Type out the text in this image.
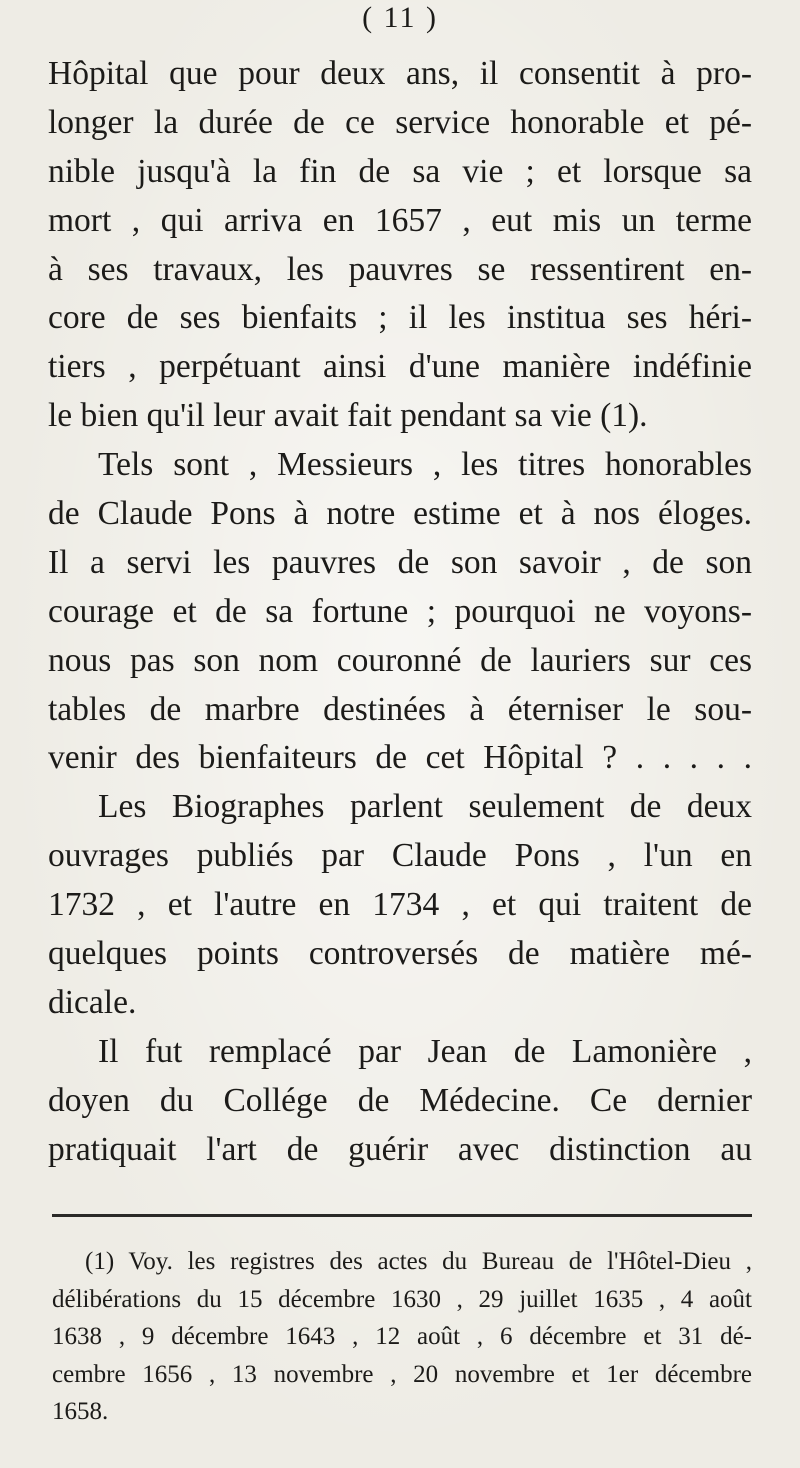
( 11 )
Hôpital que pour deux ans, il consentit à pro-
longer la durée de ce service honorable et pé-
nible jusqu'à la fin de sa vie ; et lorsque sa
mort , qui arriva en 1657 , eut mis un terme
à ses travaux, les pauvres se ressentirent en-
core de ses bienfaits ; il les institua ses héri-
tiers , perpétuant ainsi d'une manière indéfinie
le bien qu'il leur avait fait pendant sa vie (1).
Tels sont , Messieurs , les titres honorables
de Claude Pons à notre estime et à nos éloges.
Il a servi les pauvres de son savoir , de son
courage et de sa fortune ; pourquoi ne voyons-
nous pas son nom couronné de lauriers sur ces
tables de marbre destinées à éterniser le sou-
venir des bienfaiteurs de cet Hôpital ? . . . . .
Les Biographes parlent seulement de deux
ouvrages publiés par Claude Pons , l'un en
1732 , et l'autre en 1734 , et qui traitent de
quelques points controversés de matière mé-
dicale.
Il fut remplacé par Jean de Lamonière ,
doyen du Collége de Médecine. Ce dernier
pratiquait l'art de guérir avec distinction au
(1) Voy. les registres des actes du Bureau de l'Hôtel-Dieu ,
délibérations du 15 décembre 1630 , 29 juillet 1635 , 4 août
1638 , 9 décembre 1643 , 12 août , 6 décembre et 31 dé-
cembre 1656 , 13 novembre , 20 novembre et 1er décembre
1658.
